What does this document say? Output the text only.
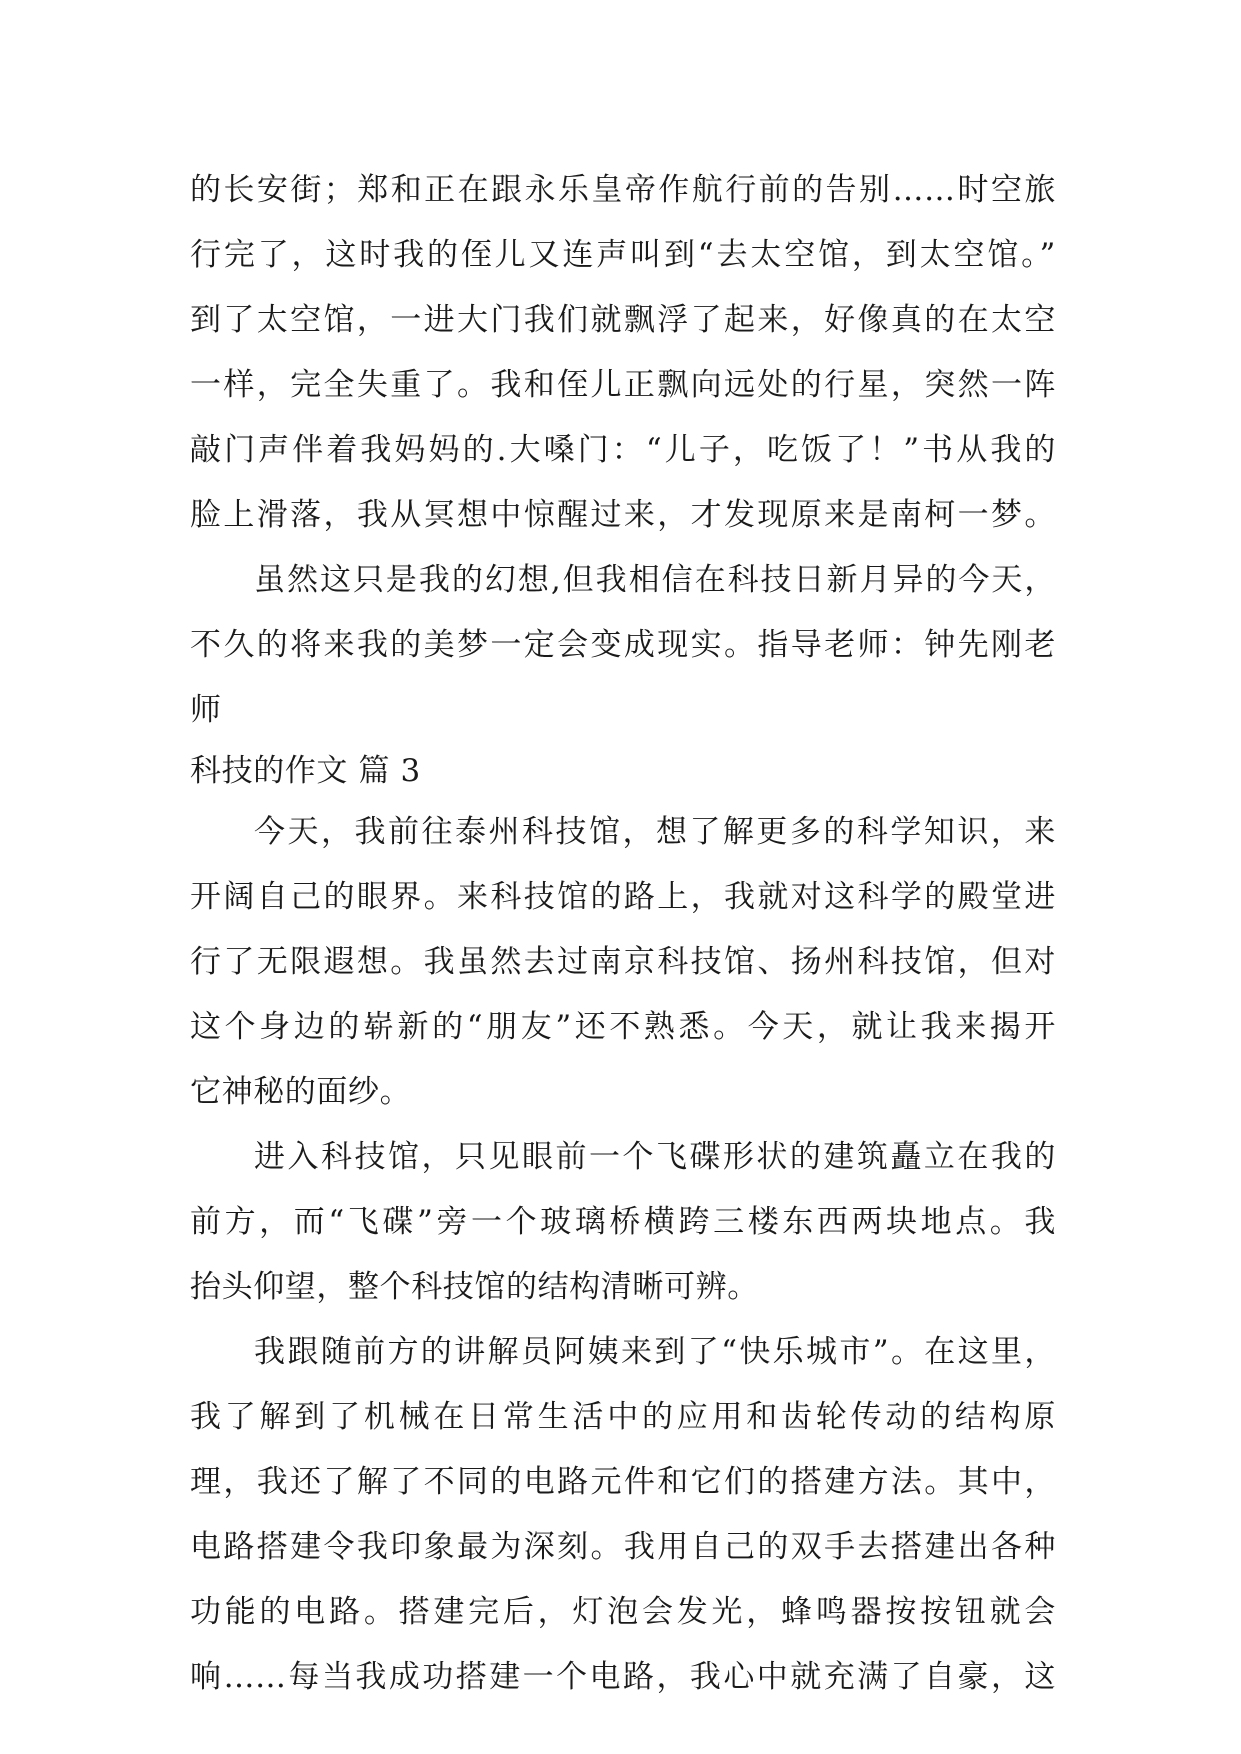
的长安街；郑和正在跟永乐皇帝作航行前的告别……时空旅
行完了，这时我的侄儿又连声叫到“去太空馆，到太空馆。”
到了太空馆，一进大门我们就飘浮了起来，好像真的在太空
一样，完全失重了。我和侄儿正飘向远处的行星，突然一阵
敲门声伴着我妈妈的.大嗓门：“儿子，吃饭了！”书从我的
脸上滑落，我从冥想中惊醒过来，才发现原来是南柯一梦。
虽然这只是我的幻想,但我相信在科技日新月异的今天，
不久的将来我的美梦一定会变成现实。指导老师：钟先刚老
师
科技的作文 篇 3
今天，我前往泰州科技馆，想了解更多的科学知识，来
开阔自己的眼界。来科技馆的路上，我就对这科学的殿堂进
行了无限遐想。我虽然去过南京科技馆、扬州科技馆，但对
这个身边的崭新的“朋友”还不熟悉。今天，就让我来揭开
它神秘的面纱。
进入科技馆，只见眼前一个飞碟形状的建筑矗立在我的
前方，而“飞碟”旁一个玻璃桥横跨三楼东西两块地点。我
抬头仰望，整个科技馆的结构清晰可辨。
我跟随前方的讲解员阿姨来到了“快乐城市”。在这里，
我了解到了机械在日常生活中的应用和齿轮传动的结构原
理，我还了解了不同的电路元件和它们的搭建方法。其中，
电路搭建令我印象最为深刻。我用自己的双手去搭建出各种
功能的电路。搭建完后，灯泡会发光，蜂鸣器按按钮就会
响……每当我成功搭建一个电路，我心中就充满了自豪，这
